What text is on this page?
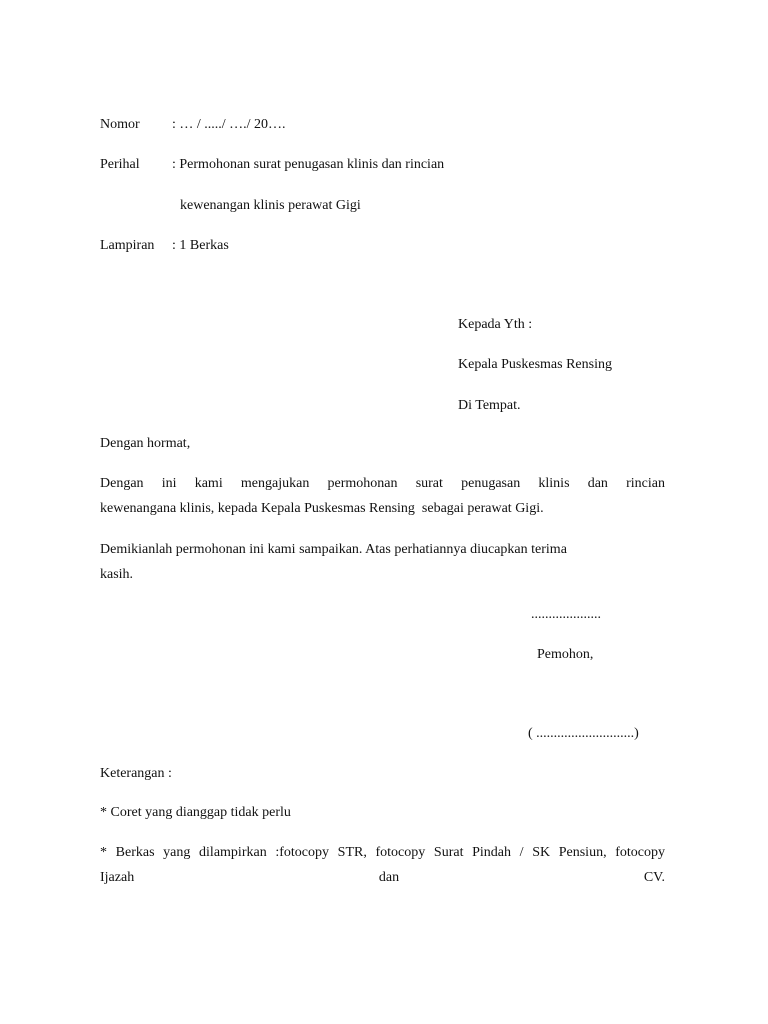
Nomor : … / ...../ …./ 20….
Perihal : Permohonan surat penugasan klinis dan rincian
kewenangan klinis perawat Gigi
Lampiran : 1 Berkas
Kepada Yth :
Kepala Puskesmas Rensing
Di Tempat.
Dengan hormat,
Dengan ini kami mengajukan permohonan surat penugasan klinis dan rincian
kewenangana klinis, kepada Kepala Puskesmas Rensing  sebagai perawat Gigi.
Demikianlah permohonan ini kami sampaikan. Atas perhatiannya diucapkan terima
kasih.
....................
Pemohon,
( ............................)
Keterangan :
* Coret yang dianggap tidak perlu
* Berkas yang dilampirkan :fotocopy STR, fotocopy Surat Pindah / SK Pensiun, fotocopy
Ijazah	dan	CV.
